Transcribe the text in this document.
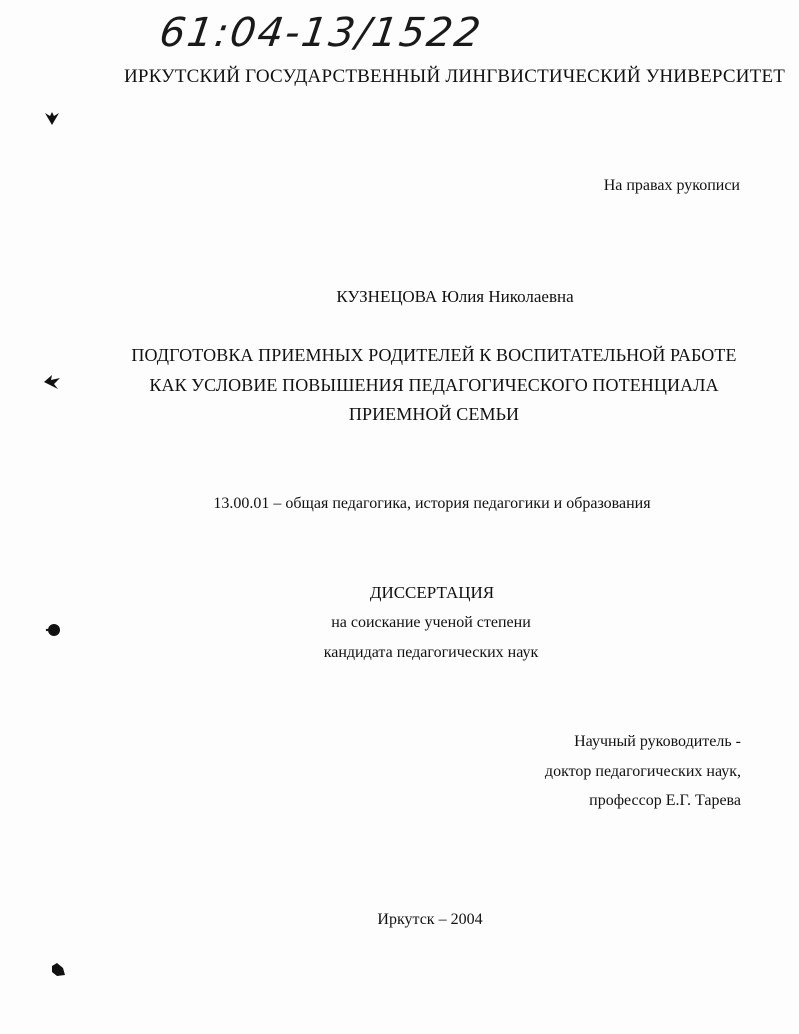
61:04-13/1522
ИРКУТСКИЙ ГОСУДАРСТВЕННЫЙ ЛИНГВИСТИЧЕСКИЙ УНИВЕРСИТЕТ
На правах рукописи
КУЗНЕЦОВА Юлия Николаевна
ПОДГОТОВКА ПРИЕМНЫХ РОДИТЕЛЕЙ К ВОСПИТАТЕЛЬНОЙ РАБОТЕ
КАК УСЛОВИЕ ПОВЫШЕНИЯ ПЕДАГОГИЧЕСКОГО ПОТЕНЦИАЛА
ПРИЕМНОЙ СЕМЬИ
13.00.01 – общая педагогика, история педагогики и образования
ДИССЕРТАЦИЯ
на соискание ученой степени
кандидата педагогических наук
Научный руководитель -
доктор педагогических наук,
профессор Е.Г. Тарева
Иркутск – 2004
